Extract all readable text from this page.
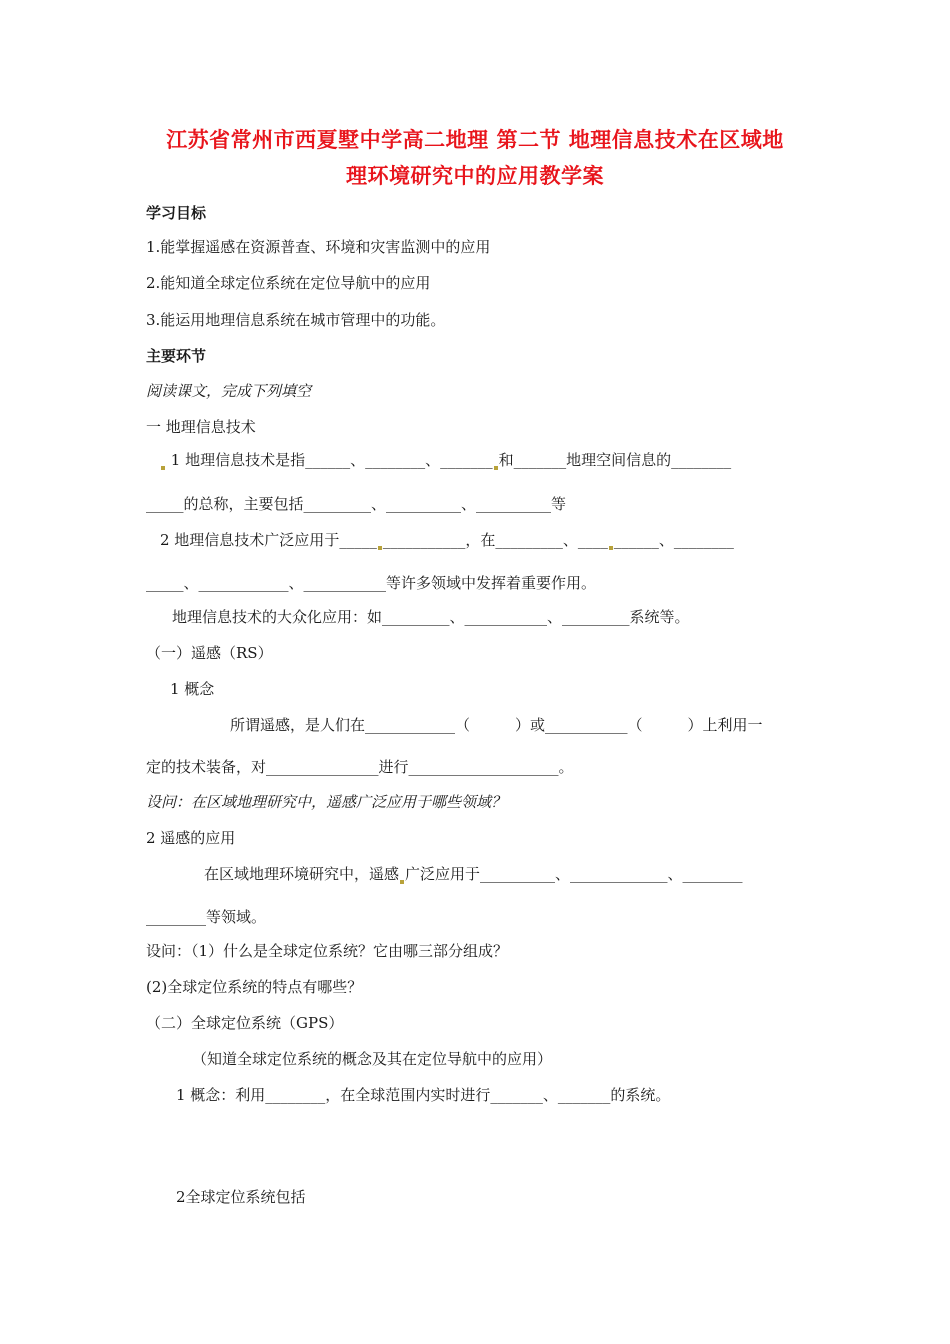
江苏省常州市西夏墅中学高二地理 第二节 地理信息技术在区域地
理环境研究中的应用教学案
学习目标
1.能掌握遥感在资源普查、环境和灾害监测中的应用
2.能知道全球定位系统在定位导航中的应用
3.能运用地理信息系统在城市管理中的功能。
主要环节
阅读课文，完成下列填空
一 地理信息技术
1 地理信息技术是指______、________、_______ 和_______地理空间信息的________
_____的总称，主要包括_________、__________、__________等
2 地理信息技术广泛应用于_____ ___________，在_________、____ ______、________
_____、____________、___________等许多领域中发挥着重要作用。
地理信息技术的大众化应用：如_________、___________、_________系统等。
（一）遥感（RS）
1 概念
所谓遥感，是人们在____________（　　　）或___________（　　　）上利用一
定的技术装备，对_______________进行____________________。
设问：在区域地理研究中，遥感广泛应用于哪些领域？
2 遥感的应用
在区域地理环境研究中，遥感 广泛应用于__________、_____________、________
________等领域。
设问：（1）什么是全球定位系统？它由哪三部分组成？
(2)全球定位系统的特点有哪些？
（二）全球定位系统（GPS）
（知道全球定位系统的概念及其在定位导航中的应用）
1 概念：利用________，在全球范围内实时进行_______、_______的系统。
2全球定位系统包括
